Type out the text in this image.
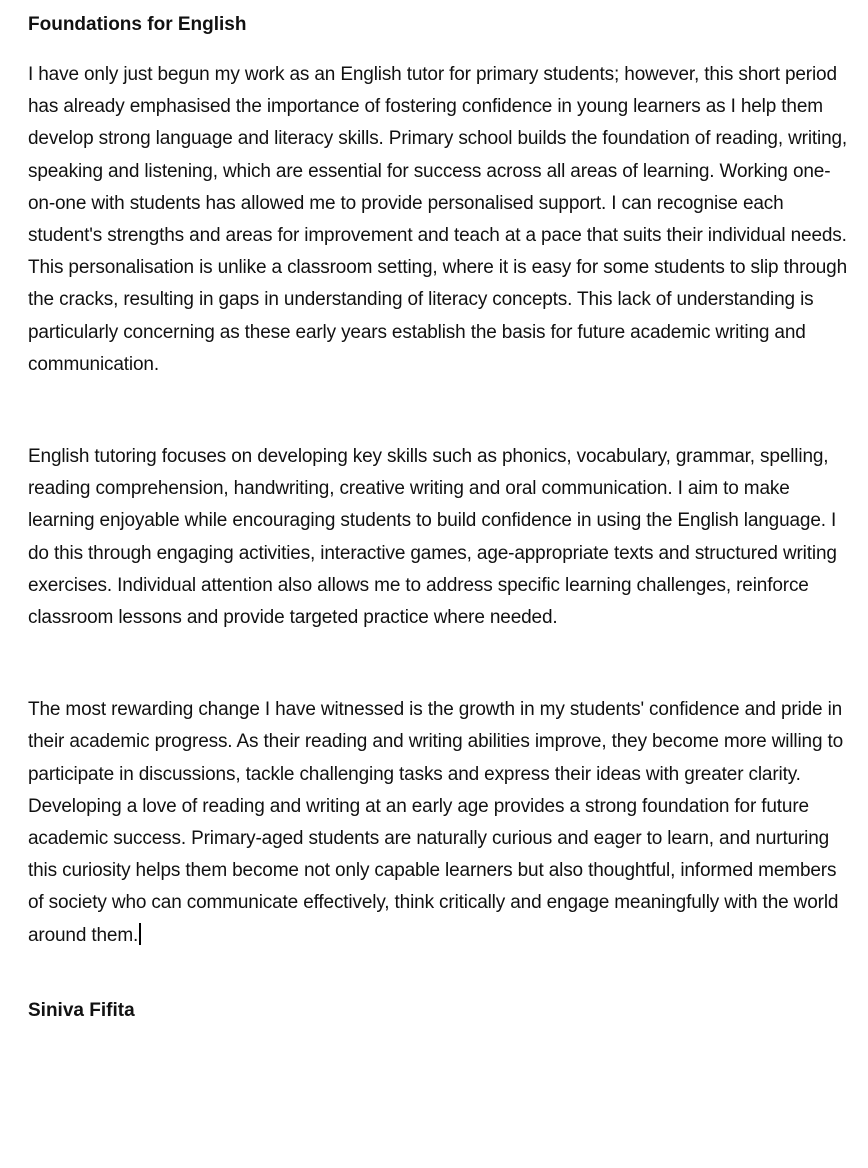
Foundations for English

I have only just begun my work as an English tutor for primary students; however, this short period has already emphasised the importance of fostering confidence in young learners as I help them develop strong language and literacy skills. Primary school builds the foundation of reading, writing, speaking and listening, which are essential for success across all areas of learning. Working one-on-one with students has allowed me to provide personalised support. I can recognise each student's strengths and areas for improvement and teach at a pace that suits their individual needs. This personalisation is unlike a classroom setting, where it is easy for some students to slip through the cracks, resulting in gaps in understanding of literacy concepts. This lack of understanding is particularly concerning as these early years establish the basis for future academic writing and communication.

English tutoring focuses on developing key skills such as phonics, vocabulary, grammar, spelling, reading comprehension, handwriting, creative writing and oral communication. I aim to make learning enjoyable while encouraging students to build confidence in using the English language. I do this through engaging activities, interactive games, age-appropriate texts and structured writing exercises. Individual attention also allows me to address specific learning challenges, reinforce classroom lessons and provide targeted practice where needed.

The most rewarding change I have witnessed is the growth in my students' confidence and pride in their academic progress. As their reading and writing abilities improve, they become more willing to participate in discussions, tackle challenging tasks and express their ideas with greater clarity. Developing a love of reading and writing at an early age provides a strong foundation for future academic success. Primary-aged students are naturally curious and eager to learn, and nurturing this curiosity helps them become not only capable learners but also thoughtful, informed members of society who can communicate effectively, think critically and engage meaningfully with the world around them.

Siniva Fifita
